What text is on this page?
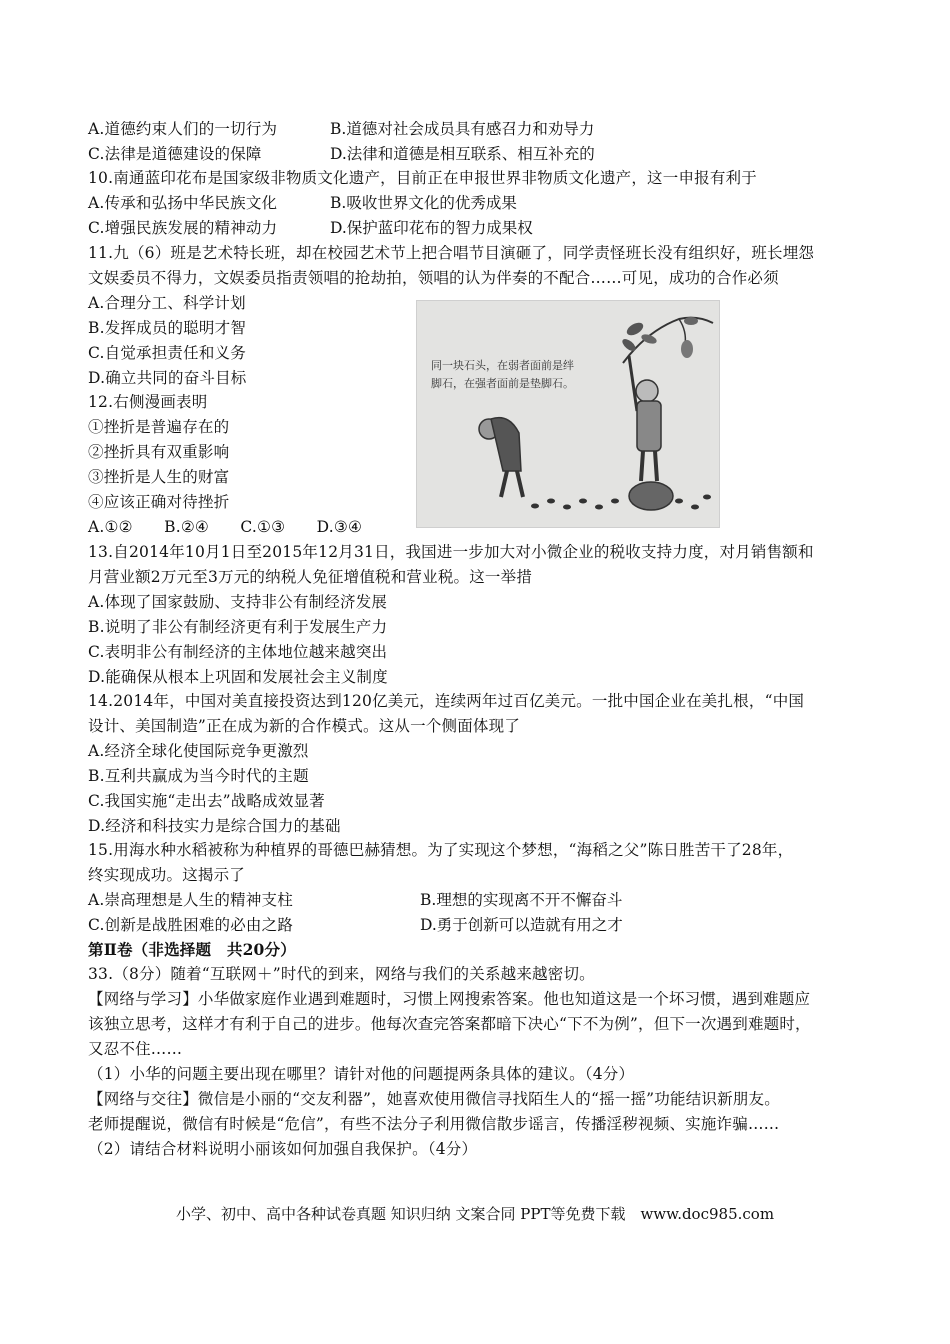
A.道德约束人们的一切行为	B.道德对社会成员具有感召力和劝导力
C.法律是道德建设的保障	D.法律和道德是相互联系、相互补充的
10.南通蓝印花布是国家级非物质文化遗产，目前正在申报世界非物质文化遗产，这一申报有利于
A.传承和弘扬中华民族文化	B.吸收世界文化的优秀成果
C.增强民族发展的精神动力	D.保护蓝印花布的智力成果权
11.九（6）班是艺术特长班，却在校园艺术节上把合唱节目演砸了，同学责怪班长没有组织好，班长埋怨
文娱委员不得力，文娱委员指责领唱的抢劫拍，领唱的认为伴奏的不配合……可见，成功的合作必须
A.合理分工、科学计划
B.发挥成员的聪明才智
C.自觉承担责任和义务
D.确立共同的奋斗目标
12.右侧漫画表明
①挫折是普遍存在的
②挫折具有双重影响
③挫折是人生的财富
④应该正确对待挫折
A.①②　　B.②④　　C.①③　　D.③④
同一块石头，在弱者面前是绊
脚石，在强者面前是垫脚石。
13.自2014年10月1日至2015年12月31日，我国进一步加大对小微企业的税收支持力度，对月销售额和
月营业额2万元至3万元的纳税人免征增值税和营业税。这一举措
A.体现了国家鼓励、支持非公有制经济发展
B.说明了非公有制经济更有利于发展生产力
C.表明非公有制经济的主体地位越来越突出
D.能确保从根本上巩固和发展社会主义制度
14.2014年，中国对美直接投资达到120亿美元，连续两年过百亿美元。一批中国企业在美扎根，“中国
设计、美国制造”正在成为新的合作模式。这从一个侧面体现了
A.经济全球化使国际竞争更激烈
B.互利共赢成为当今时代的主题
C.我国实施“走出去”战略成效显著
D.经济和科技实力是综合国力的基础
15.用海水种水稻被称为种植界的哥德巴赫猜想。为了实现这个梦想，“海稻之父”陈日胜苦干了28年，
终实现成功。这揭示了
A.崇高理想是人生的精神支柱	B.理想的实现离不开不懈奋斗
C.创新是战胜困难的必由之路	D.勇于创新可以造就有用之才
第Ⅱ卷（非选择题　共20分）
33.（8分）随着“互联网＋”时代的到来，网络与我们的关系越来越密切。
【网络与学习】小华做家庭作业遇到难题时，习惯上网搜索答案。他也知道这是一个坏习惯，遇到难题应
该独立思考，这样才有利于自己的进步。他每次查完答案都暗下决心“下不为例”，但下一次遇到难题时，
又忍不住……
（1）小华的问题主要出现在哪里？请针对他的问题提两条具体的建议。（4分）
【网络与交往】微信是小丽的“交友利器”，她喜欢使用微信寻找陌生人的“摇一摇”功能结识新朋友。
老师提醒说，微信有时候是“危信”，有些不法分子利用微信散步谣言，传播淫秽视频、实施诈骗……
（2）请结合材料说明小丽该如何加强自我保护。（4分）
小学、初中、高中各种试卷真题 知识归纳 文案合同 PPT等免费下载　www.doc985.com
